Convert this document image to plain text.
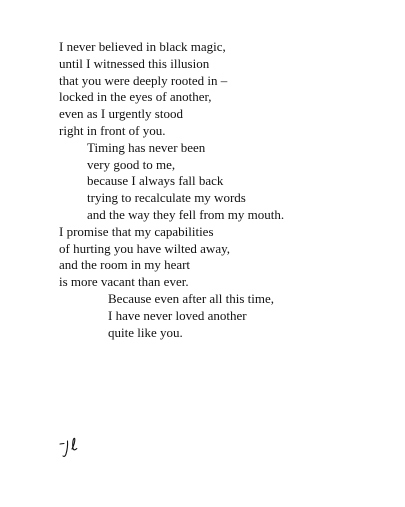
I never believed in black magic,
until I witnessed this illusion
that you were deeply rooted in –
locked in the eyes of another,
even as I urgently stood
right in front of you.
Timing has never been
very good to me,
because I always fall back
trying to recalculate my words
and the way they fell from my mouth.
I promise that my capabilities
of hurting you have wilted away,
and the room in my heart
is more vacant than ever.
Because even after all this time,
I have never loved another
quite like you.
